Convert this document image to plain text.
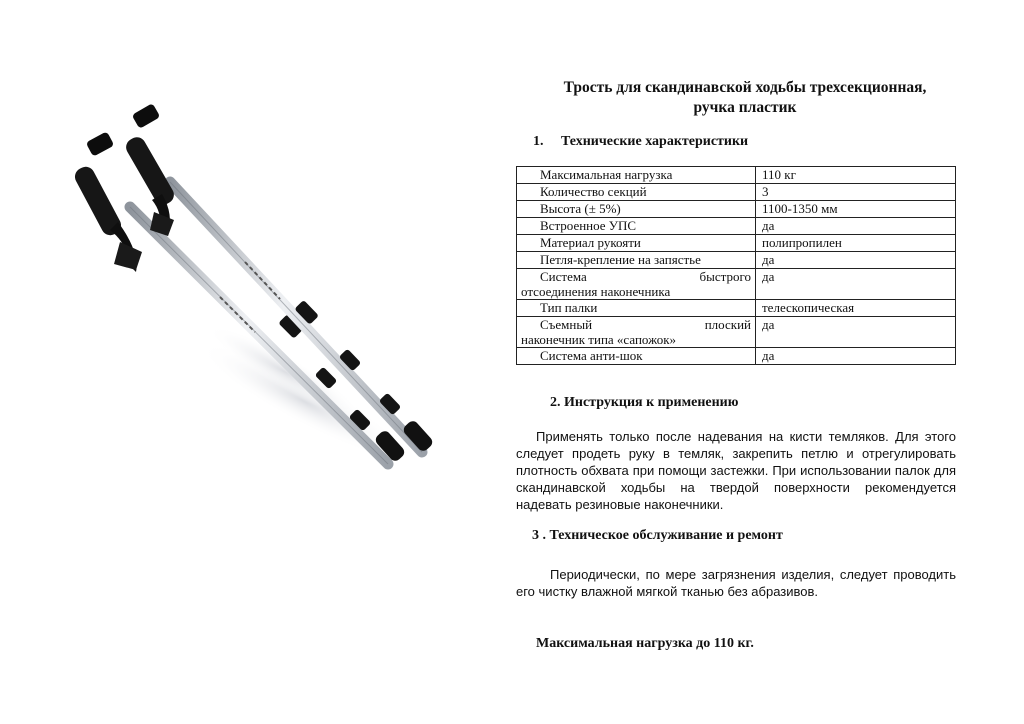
Трость для скандинавской ходьбы трехсекционная,
ручка пластик
1. Технические характеристики
Максимальная нагрузка	110 кг
Количество секций	3
Высота (± 5%)	1100-1350 мм
Встроенное УПС	да
Материал рукояти	полипропилен
Петля-крепление на запястье	да

Система быстрого
отсоединения наконечника	да
Тип палки	телескопическая

Съемный плоский
наконечник типа «сапожок»	да
Система анти-шок	да
2. Инструкция к применению
Применять только после надевания на кисти темляков. Для этого следует продеть руку в темляк, закрепить петлю и отрегулировать плотность обхвата при помощи застежки. При использовании палок для скандинавской ходьбы на твердой поверхности рекомендуется надевать резиновые наконечники.
3 . Техническое обслуживание и ремонт
Периодически, по мере загрязнения изделия, следует проводить его чистку влажной мягкой тканью без абразивов.
Максимальная нагрузка до 110 кг.
